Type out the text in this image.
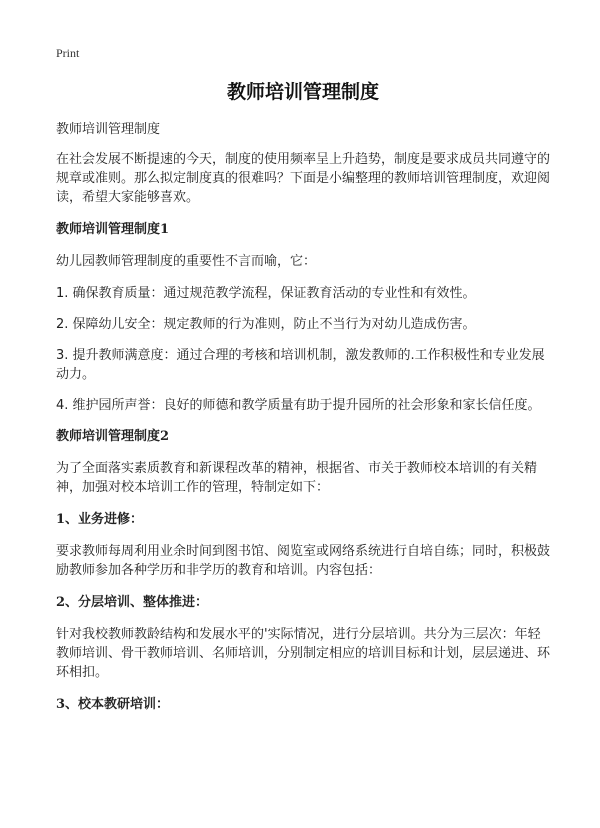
Print
教师培训管理制度
教师培训管理制度

在社会发展不断提速的今天，制度的使用频率呈上升趋势，制度是要求成员共同遵守的规章或准则。那么拟定制度真的很难吗？下面是小编整理的教师培训管理制度，欢迎阅读，希望大家能够喜欢。

教师培训管理制度1

幼儿园教师管理制度的重要性不言而喻，它：

1. 确保教育质量：通过规范教学流程，保证教育活动的专业性和有效性。

2. 保障幼儿安全：规定教师的行为准则，防止不当行为对幼儿造成伤害。

3. 提升教师满意度：通过合理的考核和培训机制，激发教师的.工作积极性和专业发展动力。

4. 维护园所声誉：良好的师德和教学质量有助于提升园所的社会形象和家长信任度。

教师培训管理制度2

为了全面落实素质教育和新课程改革的精神，根据省、市关于教师校本培训的有关精神，加强对校本培训工作的管理，特制定如下：

1、业务进修：

要求教师每周利用业余时间到图书馆、阅览室或网络系统进行自培自练；同时，积极鼓励教师参加各种学历和非学历的教育和培训。内容包括：

2、分层培训、整体推进：

针对我校教师教龄结构和发展水平的'实际情况，进行分层培训。共分为三层次：年轻教师培训、骨干教师培训、名师培训，分别制定相应的培训目标和计划，层层递进、环环相扣。

3、校本教研培训：
